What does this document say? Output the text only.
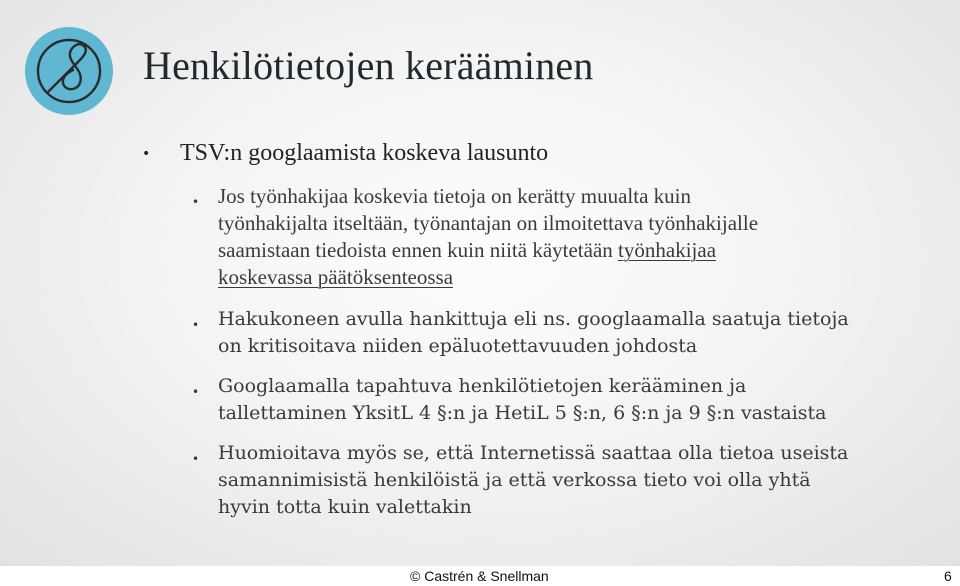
Henkilötietojen kerääminen
• TSV:n googlaamista koskeva lausunto
• Jos työnhakijaa koskevia tietoja on kerätty muualta kuin
työnhakijalta itseltään, työnantajan on ilmoitettava työnhakijalle
saamistaan tiedoista ennen kuin niitä käytetään työnhakijaa
koskevassa päätöksenteossa
• Hakukoneen avulla hankittuja eli ns. googlaamalla saatuja tietoja
on kritisoitava niiden epäluotettavuuden johdosta
• Googlaamalla tapahtuva henkilötietojen kerääminen ja
tallettaminen YksitL 4 §:n ja HetiL 5 §:n, 6 §:n ja 9 §:n vastaista
• Huomioitava myös se, että Internetissä saattaa olla tietoa useista
samannimisistä henkilöistä ja että verkossa tieto voi olla yhtä
hyvin totta kuin valettakin
© Castrén & Snellman	6
